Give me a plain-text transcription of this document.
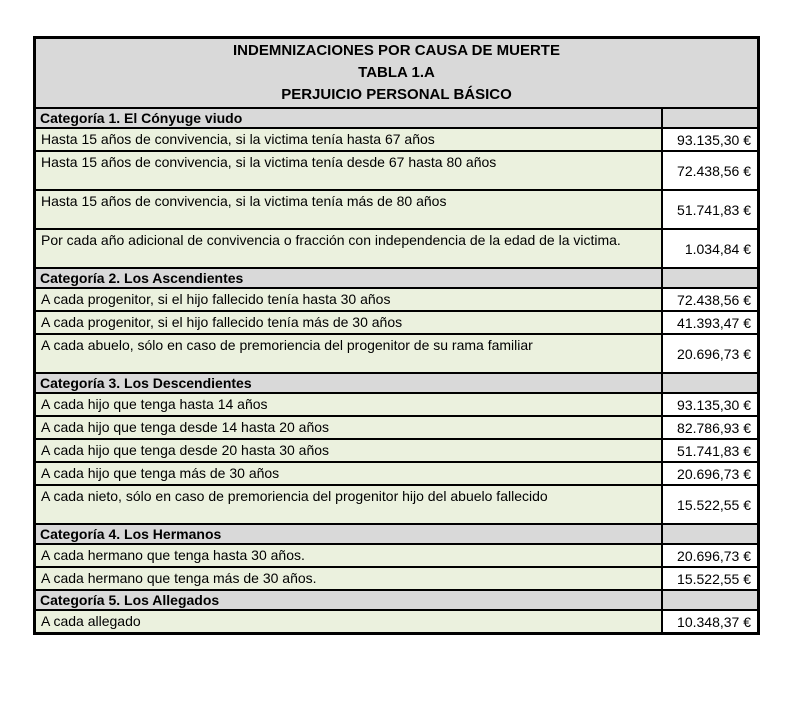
INDEMNIZACIONES POR CAUSA DE MUERTE
TABLA 1.A
PERJUICIO PERSONAL BÁSICO	

Categoría 1. El Cónyuge viudo	
Hasta 15 años de convivencia, si la victima tenía hasta 67 años	93.135,30 €
Hasta 15 años de convivencia, si la victima tenía desde 67 hasta 80 años	72.438,56 €
Hasta 15 años de convivencia, si la victima tenía más de 80 años	51.741,83 €
Por cada año adicional de convivencia o fracción con independencia de la edad de la victima.	1.034,84 €
Categoría 2. Los Ascendientes	
A cada progenitor, si el hijo fallecido tenía hasta 30 años	72.438,56 €
A cada progenitor, si el hijo fallecido tenía más de 30 años	41.393,47 €
A cada abuelo, sólo en caso de premoriencia del progenitor de su rama familiar	20.696,73 €
Categoría 3. Los Descendientes	
A cada hijo que tenga hasta 14 años	93.135,30 €
A cada hijo que tenga desde 14 hasta 20 años	82.786,93 €
A cada hijo que tenga desde 20 hasta 30 años	51.741,83 €
A cada hijo que tenga más de 30 años	20.696,73 €
A cada nieto, sólo en caso de premoriencia del progenitor hijo del abuelo fallecido	15.522,55 €
Categoría 4. Los Hermanos	
A cada hermano que tenga hasta 30 años.	20.696,73 €
A cada hermano que tenga más de 30 años.	15.522,55 €
Categoría 5. Los Allegados	
A cada allegado	10.348,37 €
